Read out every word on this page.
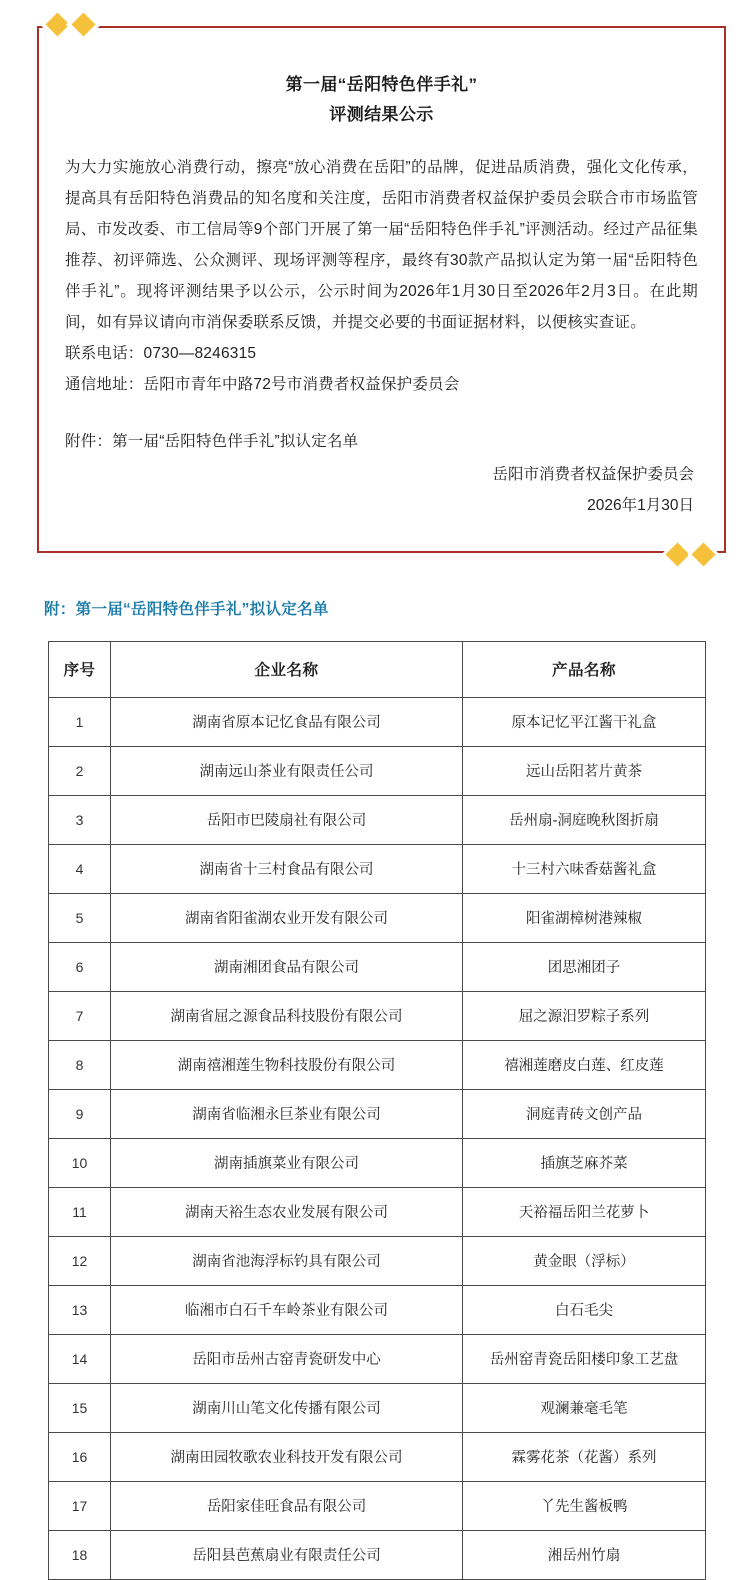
第一届“岳阳特色伴手礼”
评测结果公示

为大力实施放心消费行动，擦亮“放心消费在岳阳”的品牌，促进品质消费，强化文化传承，提高具有岳阳特色消费品的知名度和关注度，岳阳市消费者权益保护委员会联合市市场监管局、市发改委、市工信局等9个部门开展了第一届“岳阳特色伴手礼”评测活动。经过产品征集推荐、初评筛选、公众测评、现场评测等程序，最终有30款产品拟认定为第一届“岳阳特色伴手礼”。现将评测结果予以公示，公示时间为2026年1月30日至2026年2月3日。在此期间，如有异议请向市消保委联系反馈，并提交必要的书面证据材料，以便核实查证。

联系电话：0730—8246315

通信地址：岳阳市青年中路72号市消费者权益保护委员会

附件：第一届“岳阳特色伴手礼”拟认定名单

岳阳市消费者权益保护委员会
2026年1月30日
附：第一届“岳阳特色伴手礼”拟认定名单
序号	企业名称	产品名称
1	湖南省原本记忆食品有限公司	原本记忆平江酱干礼盒
2	湖南远山茶业有限责任公司	远山岳阳茗片黄茶
3	岳阳市巴陵扇社有限公司	岳州扇-洞庭晚秋图折扇
4	湖南省十三村食品有限公司	十三村六味香菇酱礼盒
5	湖南省阳雀湖农业开发有限公司	阳雀湖樟树港辣椒
6	湖南湘团食品有限公司	团思湘团子
7	湖南省屈之源食品科技股份有限公司	屈之源汨罗粽子系列
8	湖南禧湘莲生物科技股份有限公司	禧湘莲磨皮白莲、红皮莲
9	湖南省临湘永巨茶业有限公司	洞庭青砖文创产品
10	湖南插旗菜业有限公司	插旗芝麻芥菜
11	湖南天裕生态农业发展有限公司	天裕福岳阳兰花萝卜
12	湖南省池海浮标钓具有限公司	黄金眼（浮标）
13	临湘市白石千车岭茶业有限公司	白石毛尖
14	岳阳市岳州古窑青瓷研发中心	岳州窑青瓷岳阳楼印象工艺盘
15	湖南川山笔文化传播有限公司	观澜兼毫毛笔
16	湖南田园牧歌农业科技开发有限公司	霖雾花茶（花酱）系列
17	岳阳家佳旺食品有限公司	丫先生酱板鸭
18	岳阳县芭蕉扇业有限责任公司	湘岳州竹扇
